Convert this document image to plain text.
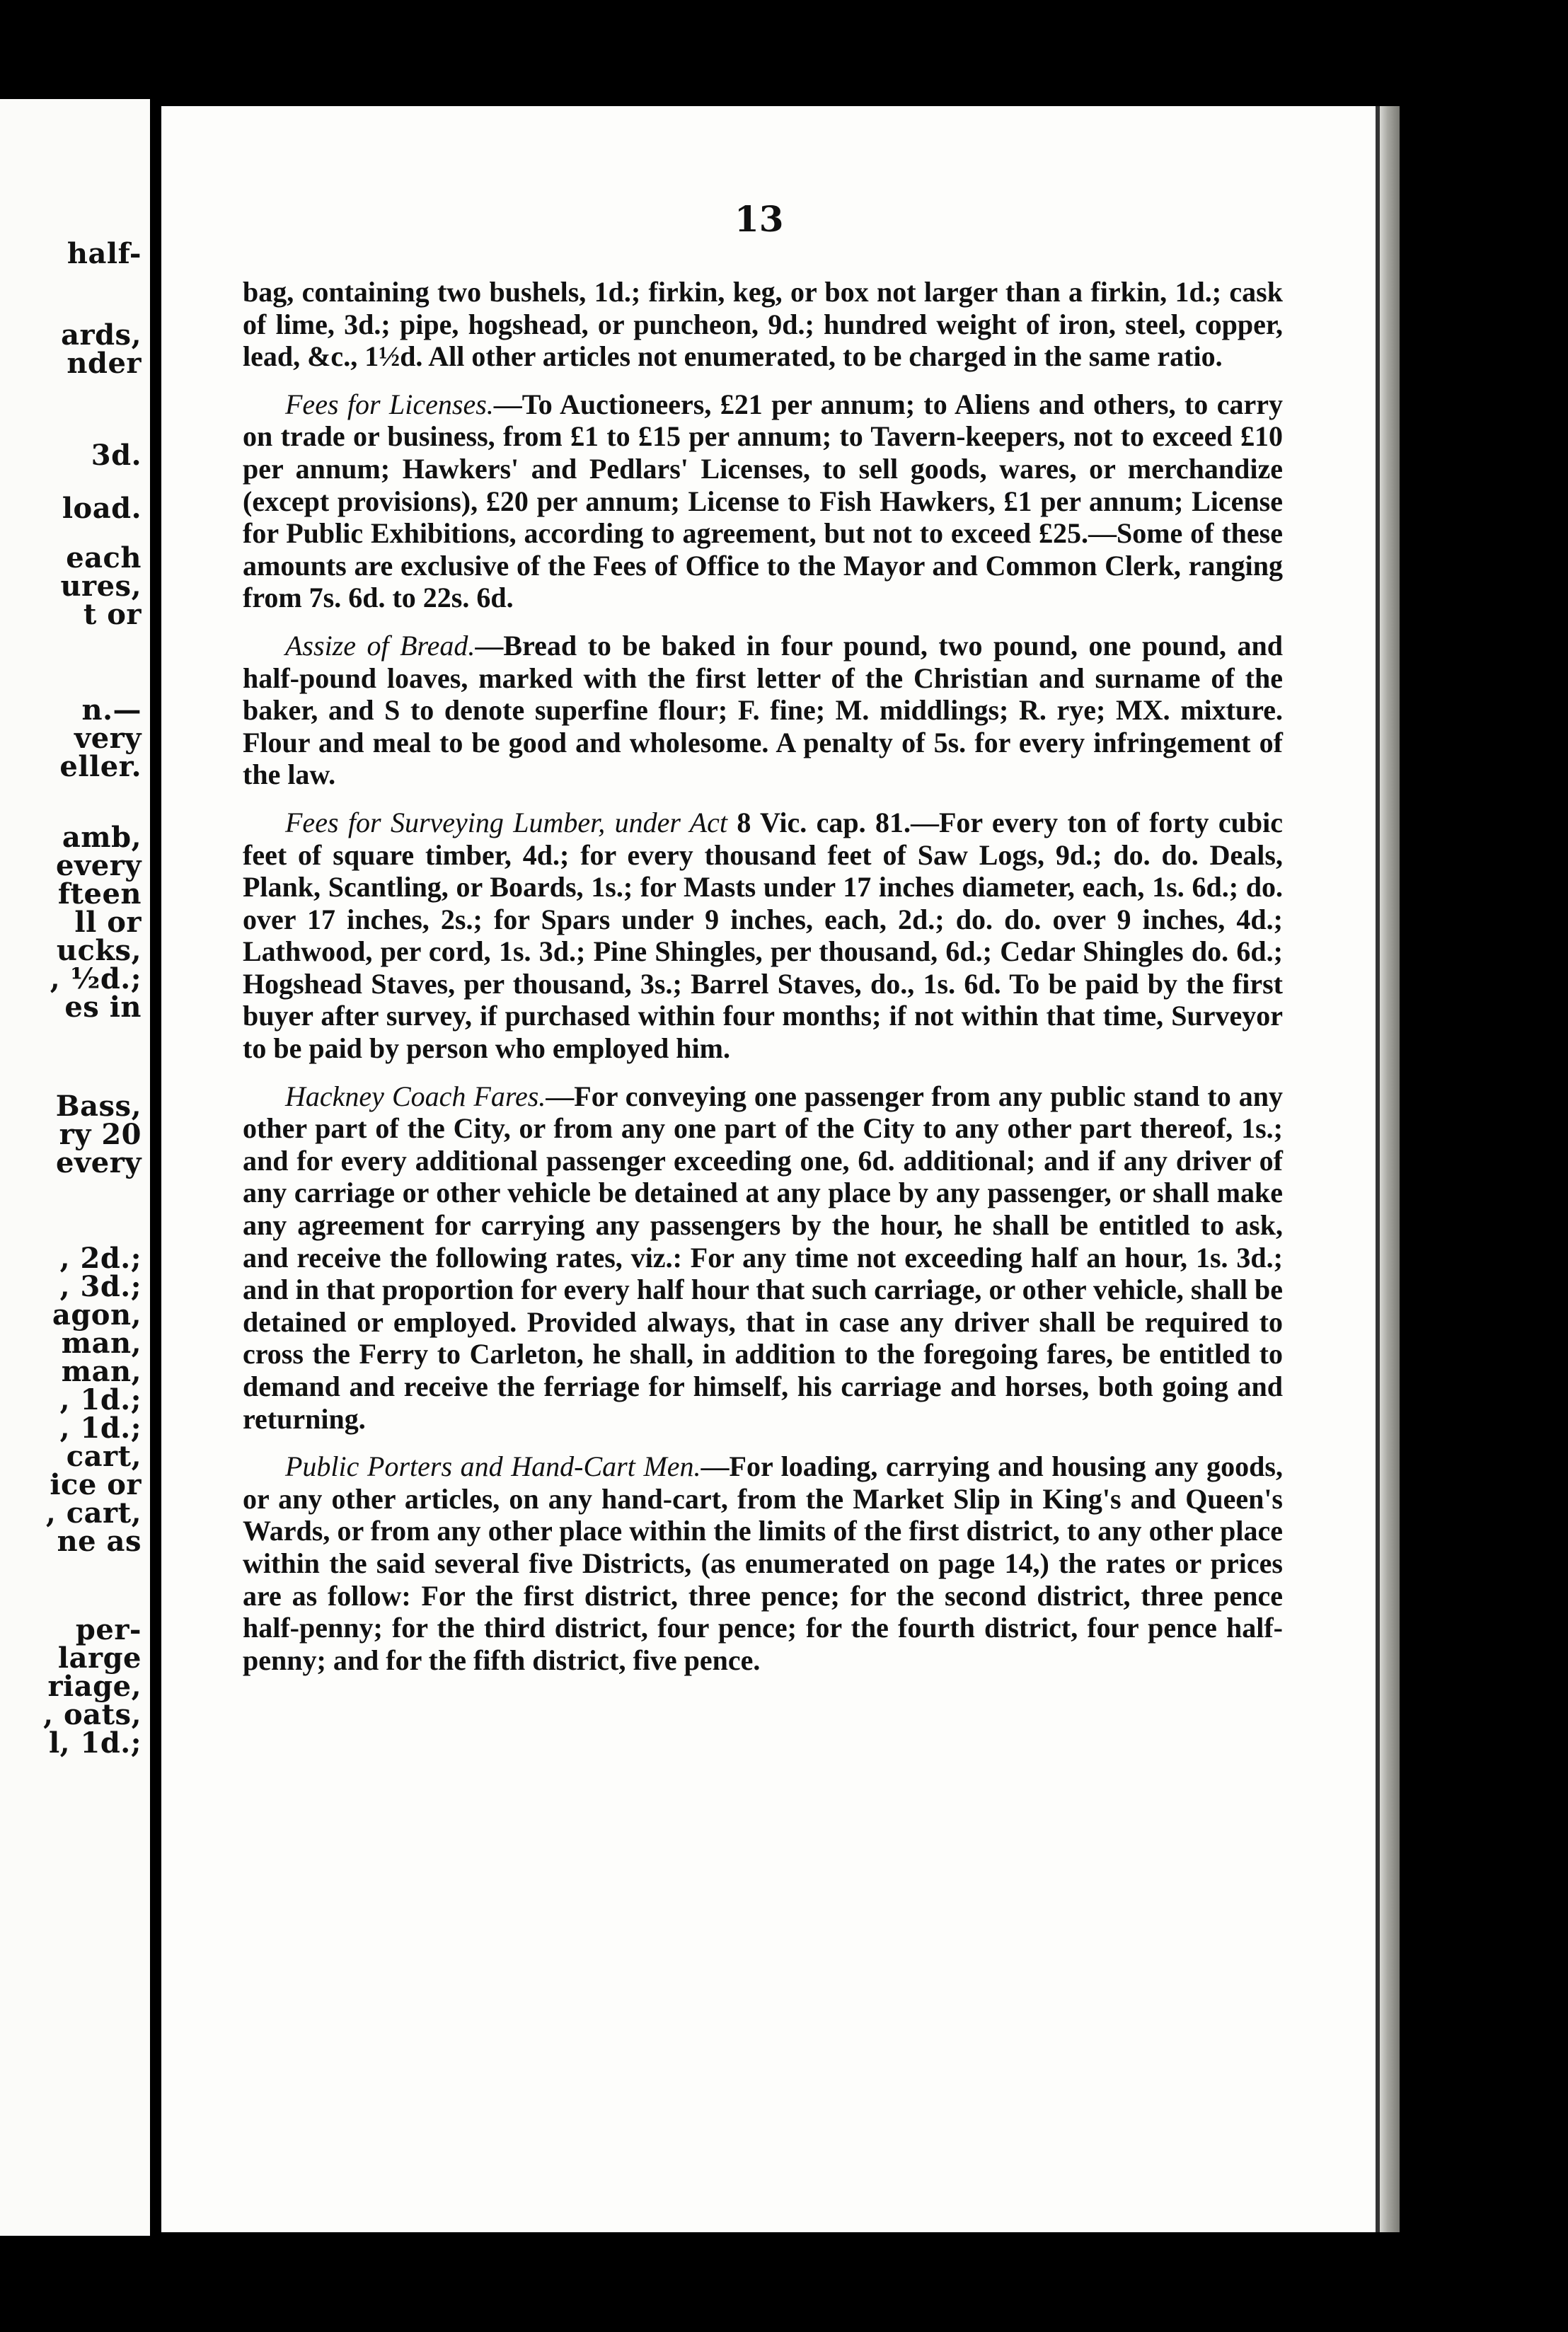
half-
ards,
nder
3d.
load.
each
ures,
t or
n.—
very
eller.
amb,
every
fteen
ll or
ucks,
, ½d.;
es in
Bass,
ry 20
every
, 2d.;
, 3d.;
agon,
man,
man,
, 1d.;
, 1d.;
cart,
ice or
, cart,
ne as
per-
large
riage,
, oats,
l, 1d.;
13

bag, containing two bushels, 1d.; firkin, keg, or box not larger than a firkin, 1d.; cask of lime, 3d.; pipe, hogshead, or puncheon, 9d.; hundred weight of iron, steel, copper, lead, &c., 1½d. All other articles not enumerated, to be charged in the same ratio.

Fees for Licenses.—To Auctioneers, £21 per annum; to Aliens and others, to carry on trade or business, from £1 to £15 per annum; to Tavern-keepers, not to exceed £10 per annum; Hawkers' and Pedlars' Licenses, to sell goods, wares, or merchandize (except provisions), £20 per annum; License to Fish Hawkers, £1 per annum; License for Public Exhibitions, according to agreement, but not to exceed £25.—Some of these amounts are exclusive of the Fees of Office to the Mayor and Common Clerk, ranging from 7s. 6d. to 22s. 6d.

Assize of Bread.—Bread to be baked in four pound, two pound, one pound, and half-pound loaves, marked with the first letter of the Christian and surname of the baker, and S to denote superfine flour; F. fine; M. middlings; R. rye; MX. mixture. Flour and meal to be good and wholesome. A penalty of 5s. for every infringement of the law.

Fees for Surveying Lumber, under Act 8 Vic. cap. 81.—For every ton of forty cubic feet of square timber, 4d.; for every thousand feet of Saw Logs, 9d.; do. do. Deals, Plank, Scantling, or Boards, 1s.; for Masts under 17 inches diameter, each, 1s. 6d.; do. over 17 inches, 2s.; for Spars under 9 inches, each, 2d.; do. do. over 9 inches, 4d.; Lathwood, per cord, 1s. 3d.; Pine Shingles, per thousand, 6d.; Cedar Shingles do. 6d.; Hogshead Staves, per thousand, 3s.; Barrel Staves, do., 1s. 6d. To be paid by the first buyer after survey, if purchased within four months; if not within that time, Surveyor to be paid by person who employed him.

Hackney Coach Fares.—For conveying one passenger from any public stand to any other part of the City, or from any one part of the City to any other part thereof, 1s.; and for every additional passenger exceeding one, 6d. additional; and if any driver of any carriage or other vehicle be detained at any place by any passenger, or shall make any agreement for carrying any passengers by the hour, he shall be entitled to ask, and receive the following rates, viz.: For any time not exceeding half an hour, 1s. 3d.; and in that proportion for every half hour that such carriage, or other vehicle, shall be detained or employed. Provided always, that in case any driver shall be required to cross the Ferry to Carleton, he shall, in addition to the foregoing fares, be entitled to demand and receive the ferriage for himself, his carriage and horses, both going and returning.

Public Porters and Hand-Cart Men.—For loading, carrying and housing any goods, or any other articles, on any hand-cart, from the Market Slip in King's and Queen's Wards, or from any other place within the limits of the first district, to any other place within the said several five Districts, (as enumerated on page 14,) the rates or prices are as follow: For the first district, three pence; for the second district, three pence half-penny; for the third district, four pence; for the fourth district, four pence half-penny; and for the fifth district, five pence.
